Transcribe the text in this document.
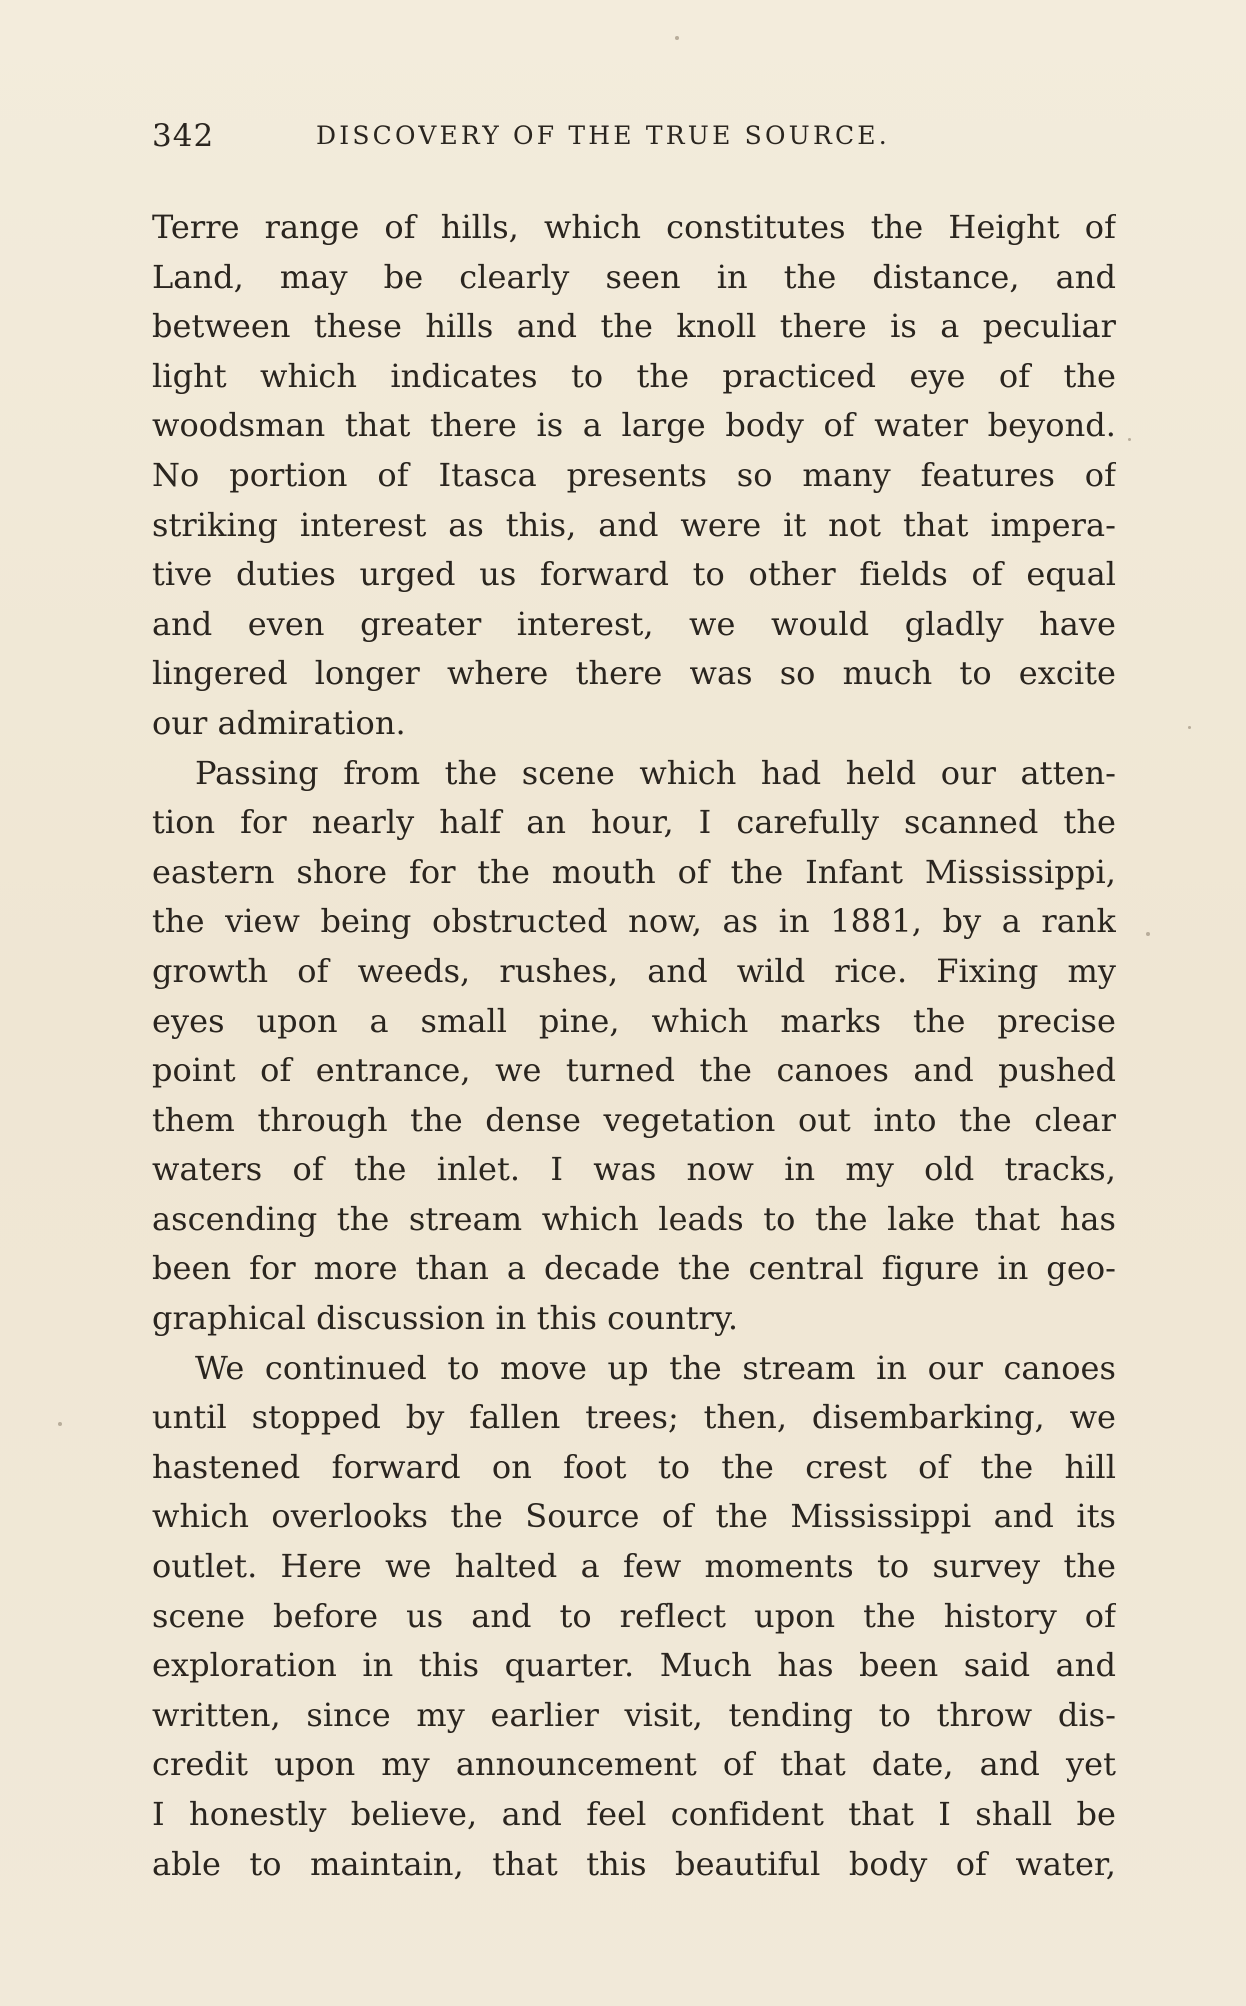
342	DISCOVERY OF THE TRUE SOURCE.
Terre range of hills, which constitutes the Height of
Land, may be clearly seen in the distance, and
between these hills and the knoll there is a peculiar
light which indicates to the practiced eye of the
woodsman that there is a large body of water beyond.
No portion of Itasca presents so many features of
striking interest as this, and were it not that impera-
tive duties urged us forward to other fields of equal
and even greater interest, we would gladly have
lingered longer where there was so much to excite
our admiration.
Passing from the scene which had held our atten-
tion for nearly half an hour, I carefully scanned the
eastern shore for the mouth of the Infant Mississippi,
the view being obstructed now, as in 1881, by a rank
growth of weeds, rushes, and wild rice. Fixing my
eyes upon a small pine, which marks the precise
point of entrance, we turned the canoes and pushed
them through the dense vegetation out into the clear
waters of the inlet. I was now in my old tracks,
ascending the stream which leads to the lake that has
been for more than a decade the central figure in geo-
graphical discussion in this country.
We continued to move up the stream in our canoes
until stopped by fallen trees; then, disembarking, we
hastened forward on foot to the crest of the hill
which overlooks the Source of the Mississippi and its
outlet. Here we halted a few moments to survey the
scene before us and to reflect upon the history of
exploration in this quarter. Much has been said and
written, since my earlier visit, tending to throw dis-
credit upon my announcement of that date, and yet
I honestly believe, and feel confident that I shall be
able to maintain, that this beautiful body of water,
